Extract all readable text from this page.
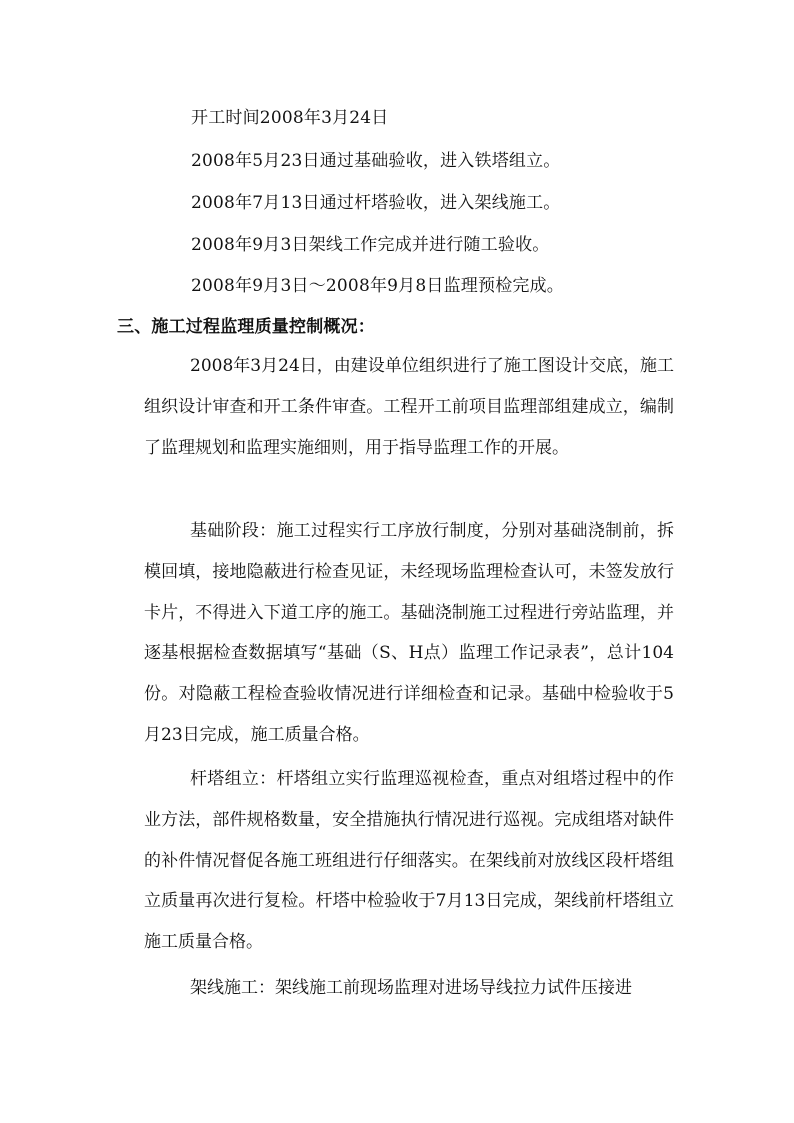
开工时间2008年3月24日
2008年5月23日通过基础验收，进入铁塔组立。
2008年7月13日通过杆塔验收，进入架线施工。
2008年9月3日架线工作完成并进行随工验收。
2008年9月3日～2008年9月8日监理预检完成。
三、施工过程监理质量控制概况：

2008年3月24日，由建设单位组织进行了施工图设计交底，施工组织设计审查和开工条件审查。工程开工前项目监理部组建成立，编制了监理规划和监理实施细则，用于指导监理工作的开展。

基础阶段：施工过程实行工序放行制度，分别对基础浇制前，拆模回填，接地隐蔽进行检查见证，未经现场监理检查认可，未签发放行卡片，不得进入下道工序的施工。基础浇制施工过程进行旁站监理，并逐基根据检查数据填写“基础（S、H点）监理工作记录表”，总计104份。对隐蔽工程检查验收情况进行详细检查和记录。基础中检验收于5月23日完成，施工质量合格。

杆塔组立：杆塔组立实行监理巡视检查，重点对组塔过程中的作业方法，部件规格数量，安全措施执行情况进行巡视。完成组塔对缺件的补件情况督促各施工班组进行仔细落实。在架线前对放线区段杆塔组立质量再次进行复检。杆塔中检验收于7月13日完成，架线前杆塔组立施工质量合格。

架线施工：架线施工前现场监理对进场导线拉力试件压接进
